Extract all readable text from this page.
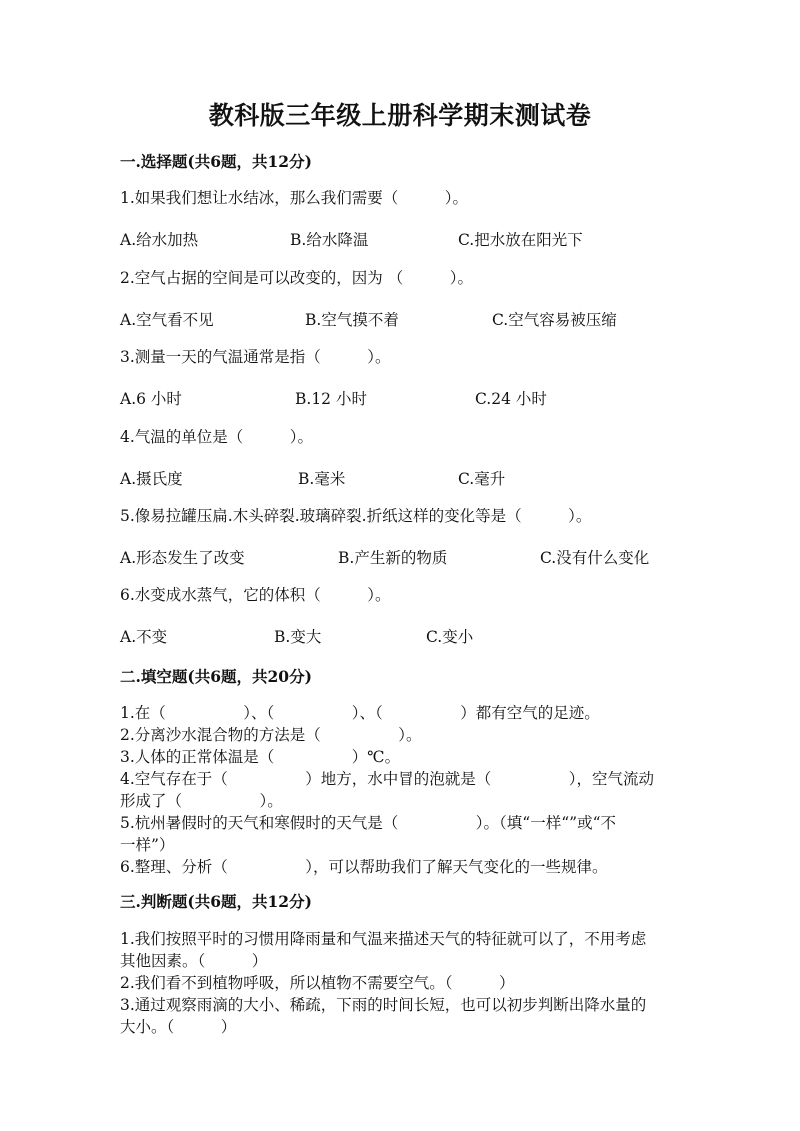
教科版三年级上册科学期末测试卷
一.选择题(共6题，共12分)
1.如果我们想让水结冰，那么我们需要（　　　）。
A.给水加热	B.给水降温	C.把水放在阳光下
2.空气占据的空间是可以改变的，因为 （　　　）。
A.空气看不见	B.空气摸不着	C.空气容易被压缩
3.测量一天的气温通常是指（　　　）。
A.6 小时	B.12 小时	C.24 小时
4.气温的单位是（　　　）。
A.摄氏度	B.毫米	C.毫升
5.像易拉罐压扁.木头碎裂.玻璃碎裂.折纸这样的变化等是（　　　）。
A.形态发生了改变	B.产生新的物质	C.没有什么变化
6.水变成水蒸气，它的体积（　　　）。
A.不变	B.变大	C.变小
二.填空题(共6题，共20分)
1.在（　　　　　）、（　　　　　）、（　　　　　）都有空气的足迹。
2.分离沙水混合物的方法是（　　　　　）。
3.人体的正常体温是（　　　　　）℃。
4.空气存在于（　　　　　）地方，水中冒的泡就是（　　　　　），空气流动
形成了（　　　　　）。
5.杭州暑假时的天气和寒假时的天气是（　　　　　）。（填“一样“”或“不
一样”）
6.整理、分析（　　　　　），可以帮助我们了解天气变化的一些规律。
三.判断题(共6题，共12分)
1.我们按照平时的习惯用降雨量和气温来描述天气的特征就可以了，不用考虑
其他因素。（　　　）
2.我们看不到植物呼吸，所以植物不需要空气。（　　　）
3.通过观察雨滴的大小、稀疏，下雨的时间长短，也可以初步判断出降水量的
大小。（　　　）
